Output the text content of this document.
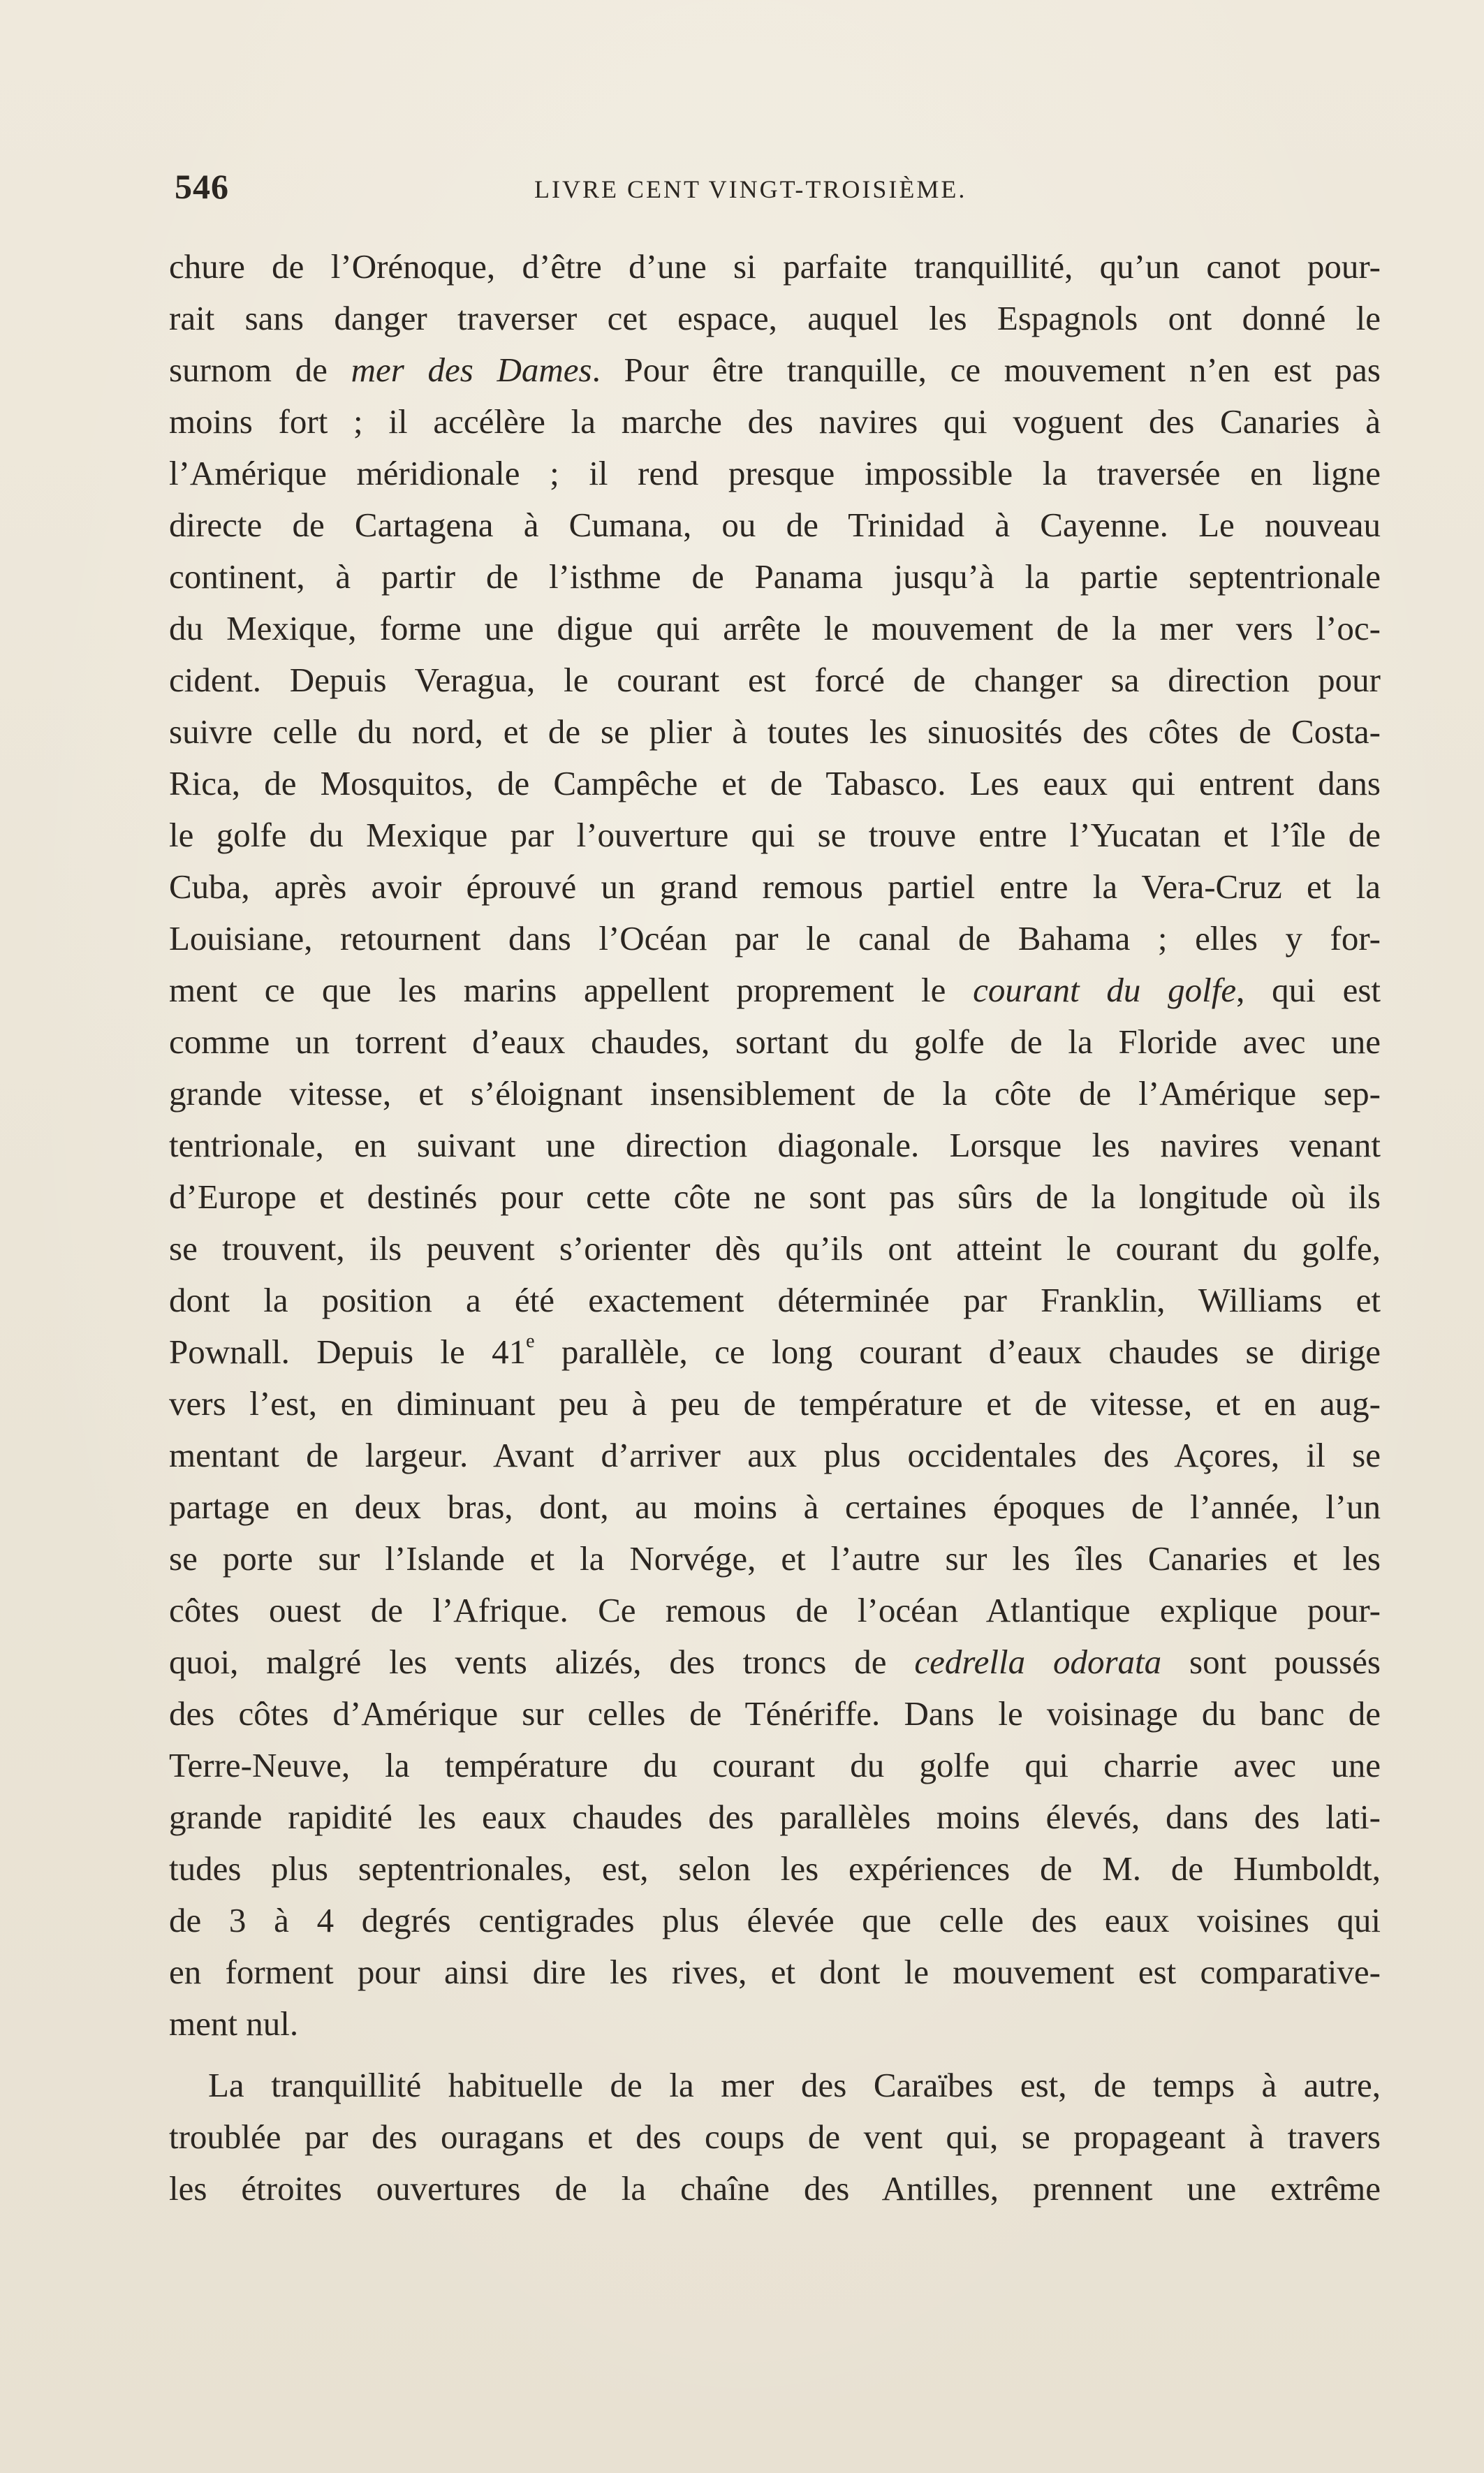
546	LIVRE CENT VINGT-TROISIÈME.
chure de l’Orénoque, d’être d’une si parfaite tranquillité, qu’un canot pour-
rait sans danger traverser cet espace, auquel les Espagnols ont donné le
surnom de mer des Dames. Pour être tranquille, ce mouvement n’en est pas
moins fort ; il accélère la marche des navires qui voguent des Canaries à
l’Amérique méridionale ; il rend presque impossible la traversée en ligne
directe de Cartagena à Cumana, ou de Trinidad à Cayenne. Le nouveau
continent, à partir de l’isthme de Panama jusqu’à la partie septentrionale
du Mexique, forme une digue qui arrête le mouvement de la mer vers l’oc-
cident. Depuis Veragua, le courant est forcé de changer sa direction pour
suivre celle du nord, et de se plier à toutes les sinuosités des côtes de Costa-
Rica, de Mosquitos, de Campêche et de Tabasco. Les eaux qui entrent dans
le golfe du Mexique par l’ouverture qui se trouve entre l’Yucatan et l’île de
Cuba, après avoir éprouvé un grand remous partiel entre la Vera-Cruz et la
Louisiane, retournent dans l’Océan par le canal de Bahama ; elles y for-
ment ce que les marins appellent proprement le courant du golfe, qui est
comme un torrent d’eaux chaudes, sortant du golfe de la Floride avec une
grande vitesse, et s’éloignant insensiblement de la côte de l’Amérique sep-
tentrionale, en suivant une direction diagonale. Lorsque les navires venant
d’Europe et destinés pour cette côte ne sont pas sûrs de la longitude où ils
se trouvent, ils peuvent s’orienter dès qu’ils ont atteint le courant du golfe,
dont la position a été exactement déterminée par Franklin, Williams et
Pownall. Depuis le 41e parallèle, ce long courant d’eaux chaudes se dirige
vers l’est, en diminuant peu à peu de température et de vitesse, et en aug-
mentant de largeur. Avant d’arriver aux plus occidentales des Açores, il se
partage en deux bras, dont, au moins à certaines époques de l’année, l’un
se porte sur l’Islande et la Norvége, et l’autre sur les îles Canaries et les
côtes ouest de l’Afrique. Ce remous de l’océan Atlantique explique pour-
quoi, malgré les vents alizés, des troncs de cedrella odorata sont poussés
des côtes d’Amérique sur celles de Ténériffe. Dans le voisinage du banc de
Terre-Neuve, la température du courant du golfe qui charrie avec une
grande rapidité les eaux chaudes des parallèles moins élevés, dans des lati-
tudes plus septentrionales, est, selon les expériences de M. de Humboldt,
de 3 à 4 degrés centigrades plus élevée que celle des eaux voisines qui
en forment pour ainsi dire les rives, et dont le mouvement est comparative-
ment nul.
La tranquillité habituelle de la mer des Caraïbes est, de temps à autre,
troublée par des ouragans et des coups de vent qui, se propageant à travers
les étroites ouvertures de la chaîne des Antilles, prennent une extrême
